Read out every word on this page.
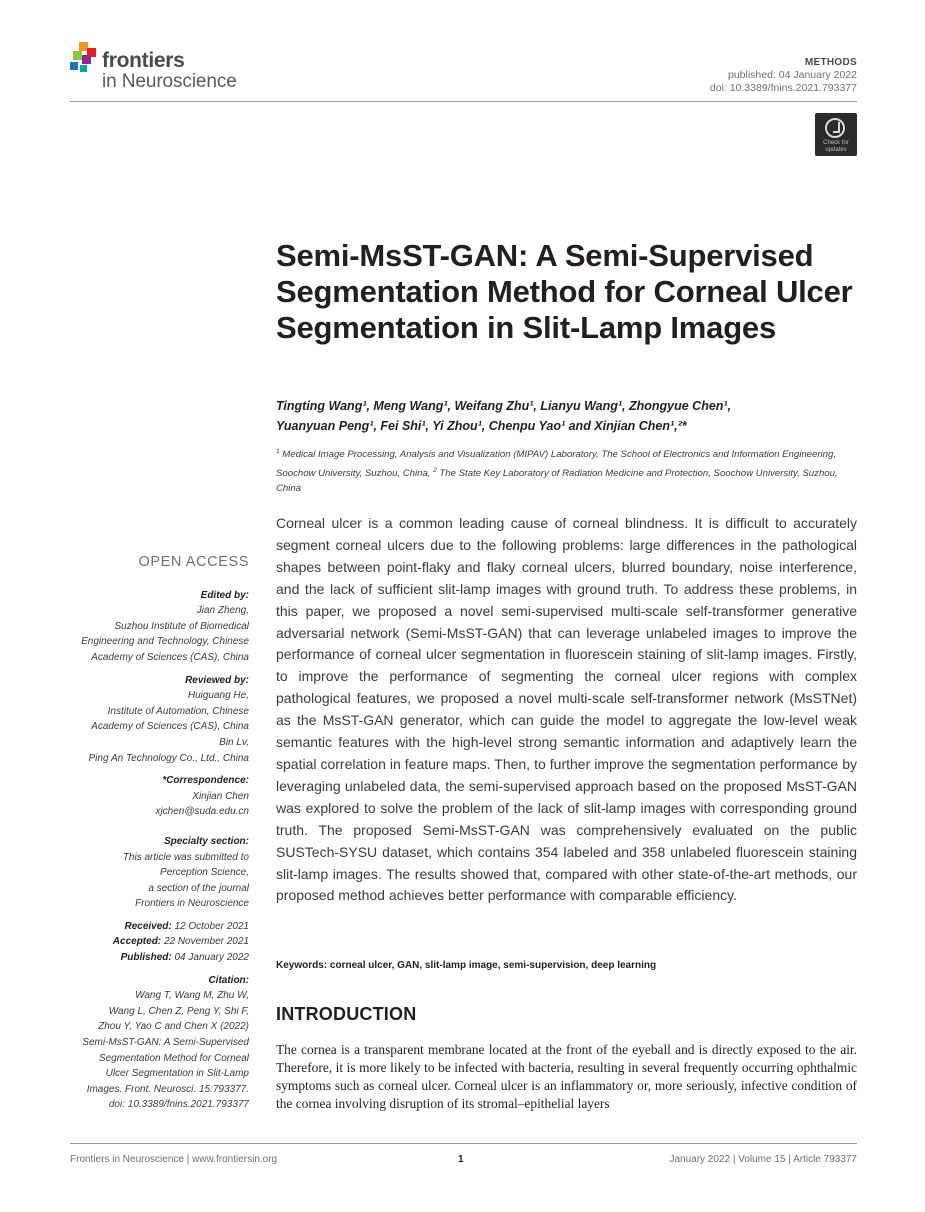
frontiers
in Neuroscience
METHODS
published: 04 January 2022
doi: 10.3389/fnins.2021.793377
Check for updates
Semi-MsST-GAN: A Semi-Supervised Segmentation Method for Corneal Ulcer Segmentation in Slit-Lamp Images
Tingting Wang¹, Meng Wang¹, Weifang Zhu¹, Lianyu Wang¹, Zhongyue Chen¹,
Yuanyuan Peng¹, Fei Shi¹, Yi Zhou¹, Chenpu Yao¹ and Xinjian Chen¹,²*
$^1$ Medical Image Processing, Analysis and Visualization (MIPAV) Laboratory, The School of Electronics and Information Engineering, Soochow University, Suzhou, China, $^2$ The State Key Laboratory of Radiation Medicine and Protection, Soochow University, Suzhou, China
Corneal ulcer is a common leading cause of corneal blindness. It is difficult to accurately segment corneal ulcers due to the following problems: large differences in the pathological shapes between point-flaky and flaky corneal ulcers, blurred boundary, noise interference, and the lack of sufficient slit-lamp images with ground truth. To address these problems, in this paper, we proposed a novel semi-supervised multi-scale self-transformer generative adversarial network (Semi-MsST-GAN) that can leverage unlabeled images to improve the performance of corneal ulcer segmentation in fluorescein staining of slit-lamp images. Firstly, to improve the performance of segmenting the corneal ulcer regions with complex pathological features, we proposed a novel multi-scale self-transformer network (MsSTNet) as the MsST-GAN generator, which can guide the model to aggregate the low-level weak semantic features with the high-level strong semantic information and adaptively learn the spatial correlation in feature maps. Then, to further improve the segmentation performance by leveraging unlabeled data, the semi-supervised approach based on the proposed MsST-GAN was explored to solve the problem of the lack of slit-lamp images with corresponding ground truth. The proposed Semi-MsST-GAN was comprehensively evaluated on the public SUSTech-SYSU dataset, which contains 354 labeled and 358 unlabeled fluorescein staining slit-lamp images. The results showed that, compared with other state-of-the-art methods, our proposed method achieves better performance with comparable efficiency.
Keywords: corneal ulcer, GAN, slit-lamp image, semi-supervision, deep learning
INTRODUCTION
The cornea is a transparent membrane located at the front of the eyeball and is directly exposed to the air. Therefore, it is more likely to be infected with bacteria, resulting in several frequently occurring ophthalmic symptoms such as corneal ulcer. Corneal ulcer is an inflammatory or, more seriously, infective condition of the cornea involving disruption of its stromal–epithelial layers
OPEN ACCESS
Edited by:
Jian Zheng,
Suzhou Institute of Biomedical
Engineering and Technology, Chinese
Academy of Sciences (CAS), China
Reviewed by:
Huiguang He,
Institute of Automation, Chinese
Academy of Sciences (CAS), China
Bin Lv,
Ping An Technology Co., Ltd., China
*Correspondence:
Xinjian Chen
xjchen@suda.edu.cn
Specialty section:
This article was submitted to
Perception Science,
a section of the journal
Frontiers in Neuroscience
Received: 12 October 2021
Accepted: 22 November 2021
Published: 04 January 2022
Citation:
Wang T, Wang M, Zhu W,
Wang L, Chen Z, Peng Y, Shi F,
Zhou Y, Yao C and Chen X (2022)
Semi-MsST-GAN: A Semi-Supervised
Segmentation Method for Corneal
Ulcer Segmentation in Slit-Lamp
Images. Front. Neurosci. 15:793377.
doi: 10.3389/fnins.2021.793377
Frontiers in Neuroscience | www.frontiersin.org	1	January 2022 | Volume 15 | Article 793377
